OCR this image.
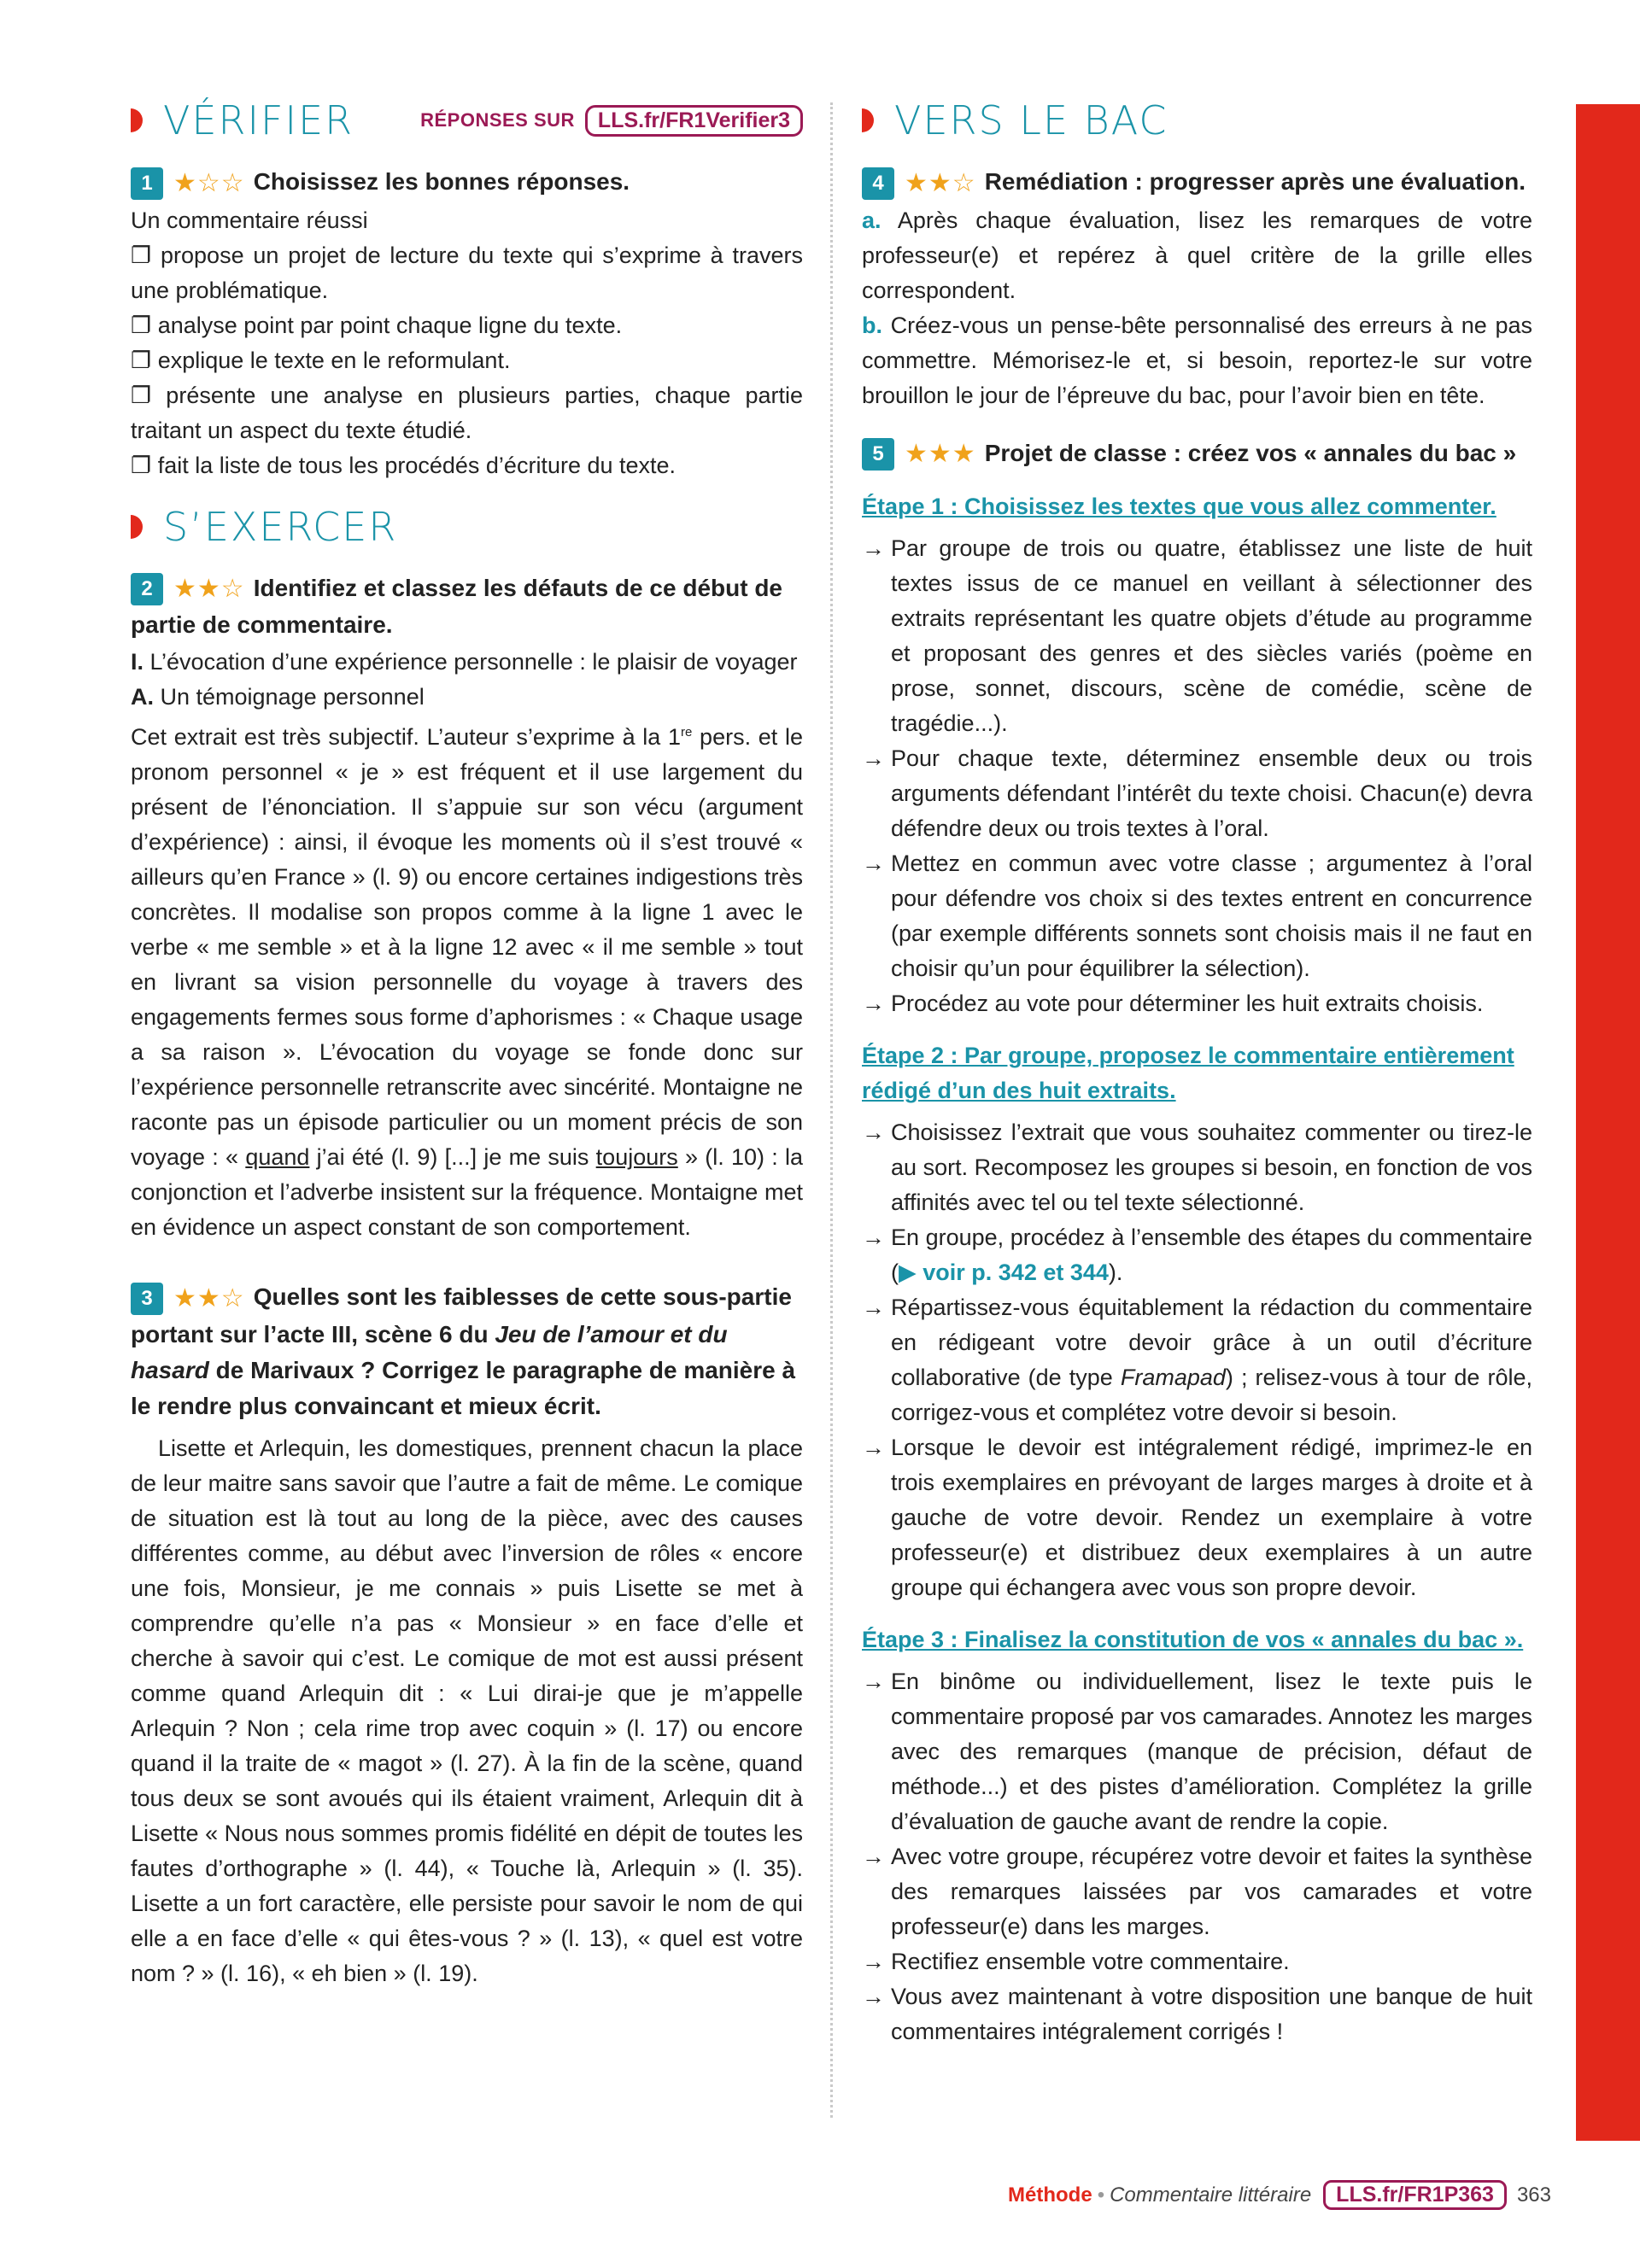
VÉRIFIER	RÉPONSES SUR	LLS.fr/FR1Verifier3
1 ★☆☆ Choisissez les bonnes réponses.

Un commentaire réussi

❐ propose un projet de lecture du texte qui s’exprime à travers une problématique.

❐ analyse point par point chaque ligne du texte.

❐ explique le texte en le reformulant.

❐ présente une analyse en plusieurs parties, chaque partie traitant un aspect du texte étudié.

❐ fait la liste de tous les procédés d’écriture du texte.

S’EXERCER
2 ★★☆ Identifiez et classez les défauts de ce début de partie de commentaire.

I. L’évocation d’une expérience personnelle : le plaisir de voyager

A. Un témoignage personnel

Cet extrait est très subjectif. L’auteur s’exprime à la 1re pers. et le pronom personnel « je » est fréquent et il use largement du présent de l’énonciation. Il s’appuie sur son vécu (argument d’expérience) : ainsi, il évoque les moments où il s’est trouvé « ailleurs qu’en France » (l. 9) ou encore certaines indigestions très concrètes. Il modalise son propos comme à la ligne 1 avec le verbe « me semble » et à la ligne 12 avec « il me semble » tout en livrant sa vision personnelle du voyage à travers des engagements fermes sous forme d’aphorismes : « Chaque usage a sa raison ». L’évocation du voyage se fonde donc sur l’expérience personnelle retranscrite avec sincérité. Montaigne ne raconte pas un épisode particulier ou un moment précis de son voyage : « quand j’ai été (l. 9) [...] je me suis toujours » (l. 10) : la conjonction et l’adverbe insistent sur la fréquence. Montaigne met en évidence un aspect constant de son comportement.

3 ★★☆ Quelles sont les faiblesses de cette sous-partie portant sur l’acte III, scène 6 du Jeu de l’amour et du hasard de Marivaux ? Corrigez le paragraphe de manière à le rendre plus convaincant et mieux écrit.

Lisette et Arlequin, les domestiques, prennent chacun la place de leur maitre sans savoir que l’autre a fait de même. Le comique de situation est là tout au long de la pièce, avec des causes différentes comme, au début avec l’inversion de rôles « encore une fois, Monsieur, je me connais » puis Lisette se met à comprendre qu’elle n’a pas « Monsieur » en face d’elle et cherche à savoir qui c’est. Le comique de mot est aussi présent comme quand Arlequin dit : « Lui dirai-je que je m’appelle Arlequin ? Non ; cela rime trop avec coquin » (l. 17) ou encore quand il la traite de « magot » (l. 27). À la fin de la scène, quand tous deux se sont avoués qui ils étaient vraiment, Arlequin dit à Lisette « Nous nous sommes promis fidélité en dépit de toutes les fautes d’orthographe » (l. 44), « Touche là, Arlequin » (l. 35). Lisette a un fort caractère, elle persiste pour savoir le nom de qui elle a en face d’elle « qui êtes-vous ? » (l. 13), « quel est votre nom ? » (l. 16), « eh bien » (l. 19).

VERS LE BAC
4 ★★☆ Remédiation : progresser après une évaluation.

a. Après chaque évaluation, lisez les remarques de votre professeur(e) et repérez à quel critère de la grille elles correspondent.

b. Créez-vous un pense-bête personnalisé des erreurs à ne pas commettre. Mémorisez-le et, si besoin, reportez-le sur votre brouillon le jour de l’épreuve du bac, pour l’avoir bien en tête.

5 ★★★ Projet de classe : créez vos « annales du bac »
Étape 1 : Choisissez les textes que vous allez commenter.
→ Par groupe de trois ou quatre, établissez une liste de huit textes issus de ce manuel en veillant à sélectionner des extraits représentant les quatre objets d’étude au programme et proposant des genres et des siècles variés (poème en prose, sonnet, discours, scène de comédie, scène de tragédie...).
→ Pour chaque texte, déterminez ensemble deux ou trois arguments défendant l’intérêt du texte choisi. Chacun(e) devra défendre deux ou trois textes à l’oral.
→ Mettez en commun avec votre classe ; argumentez à l’oral pour défendre vos choix si des textes entrent en concurrence (par exemple différents sonnets sont choisis mais il ne faut en choisir qu’un pour équilibrer la sélection).
→ Procédez au vote pour déterminer les huit extraits choisis.
Étape 2 : Par groupe, proposez le commentaire entièrement rédigé d’un des huit extraits.
→ Choisissez l’extrait que vous souhaitez commenter ou tirez-le au sort. Recomposez les groupes si besoin, en fonction de vos affinités avec tel ou tel texte sélectionné.
→ En groupe, procédez à l’ensemble des étapes du commentaire (▶ voir p. 342 et 344).
→ Répartissez-vous équitablement la rédaction du commentaire en rédigeant votre devoir grâce à un outil d’écriture collaborative (de type Framapad) ; relisez-vous à tour de rôle, corrigez-vous et complétez votre devoir si besoin.
→ Lorsque le devoir est intégralement rédigé, imprimez-le en trois exemplaires en prévoyant de larges marges à droite et à gauche de votre devoir. Rendez un exemplaire à votre professeur(e) et distribuez deux exemplaires à un autre groupe qui échangera avec vous son propre devoir.
Étape 3 : Finalisez la constitution de vos « annales du bac ».
→ En binôme ou individuellement, lisez le texte puis le commentaire proposé par vos camarades. Annotez les marges avec des remarques (manque de précision, défaut de méthode...) et des pistes d’amélioration. Complétez la grille d’évaluation de gauche avant de rendre la copie.
→ Avec votre groupe, récupérez votre devoir et faites la synthèse des remarques laissées par vos camarades et votre professeur(e) dans les marges.
→ Rectifiez ensemble votre commentaire.
→ Vous avez maintenant à votre disposition une banque de huit commentaires intégralement corrigés !
Méthode • Commentaire littéraire	LLS.fr/FR1P363	363
